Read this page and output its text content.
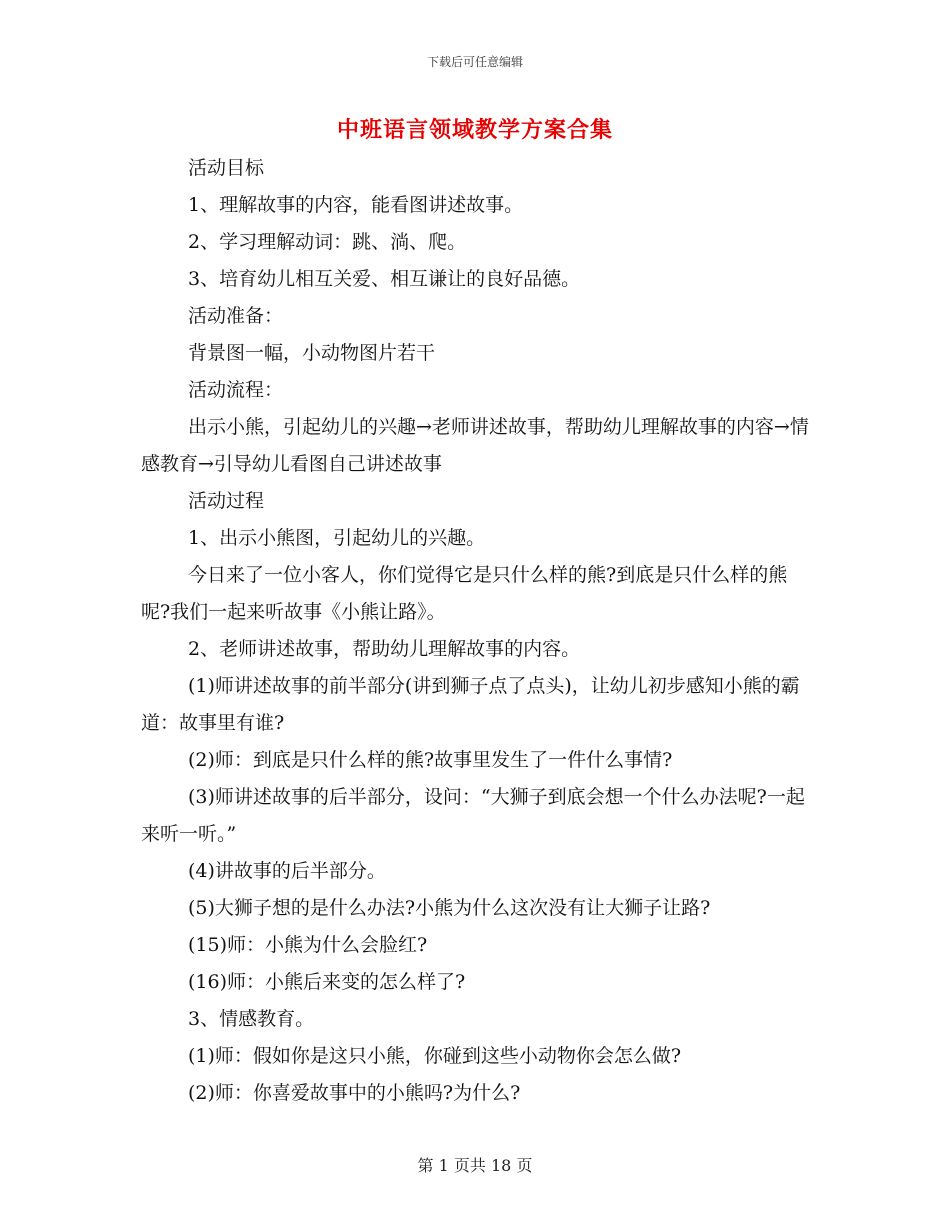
下载后可任意编辑
中班语言领域教学方案合集

活动目标

1、理解故事的内容，能看图讲述故事。

2、学习理解动词：跳、淌、爬。

3、培育幼儿相互关爱、相互谦让的良好品德。

活动准备：

背景图一幅，小动物图片若干

活动流程：

出示小熊，引起幼儿的兴趣→老师讲述故事，帮助幼儿理解故事的内容→情感教育→引导幼儿看图自己讲述故事

活动过程

1、出示小熊图，引起幼儿的兴趣。

今日来了一位小客人，你们觉得它是只什么样的熊?到底是只什么样的熊呢?我们一起来听故事《小熊让路》。

2、老师讲述故事，帮助幼儿理解故事的内容。

(1)师讲述故事的前半部分(讲到狮子点了点头)，让幼儿初步感知小熊的霸道：故事里有谁?

(2)师：到底是只什么样的熊?故事里发生了一件什么事情?

(3)师讲述故事的后半部分，设问：“大狮子到底会想一个什么办法呢?一起来听一听。”

(4)讲故事的后半部分。

(5)大狮子想的是什么办法?小熊为什么这次没有让大狮子让路?

(15)师：小熊为什么会脸红?

(16)师：小熊后来变的怎么样了?

3、情感教育。

(1)师：假如你是这只小熊，你碰到这些小动物你会怎么做?

(2)师：你喜爱故事中的小熊吗?为什么?

第 1 页共 18 页
